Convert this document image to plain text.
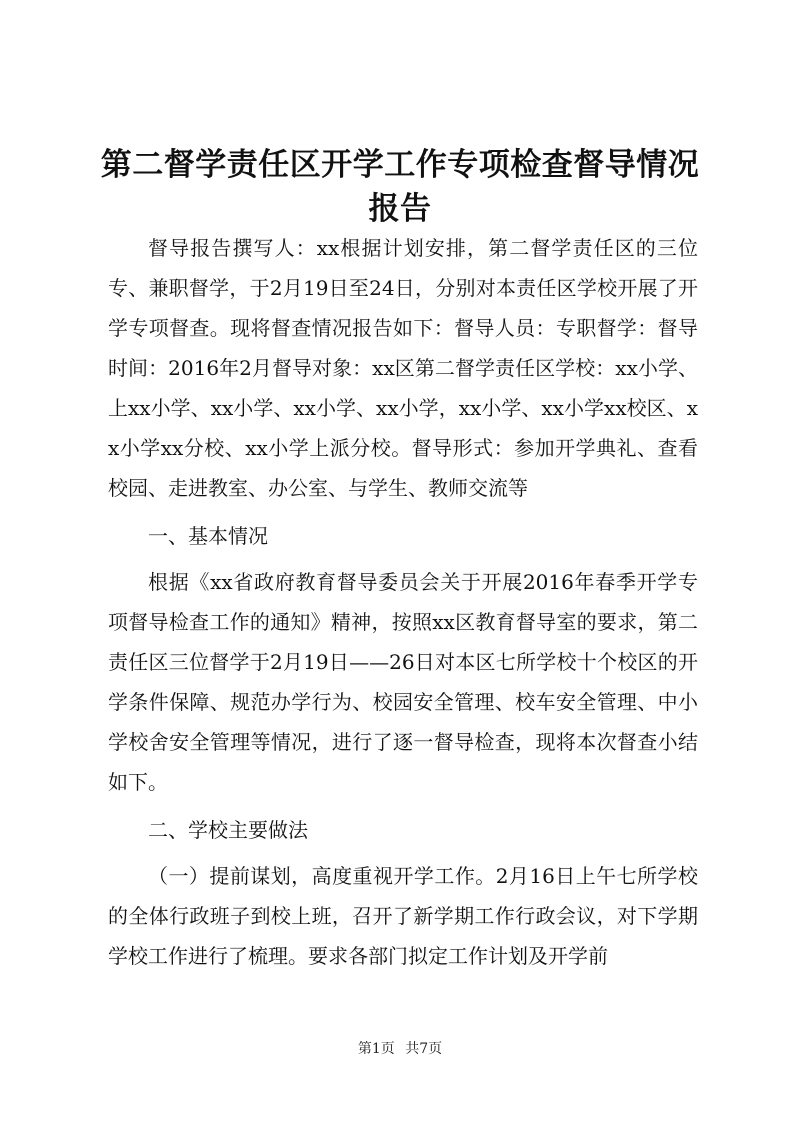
第二督学责任区开学工作专项检查督导情况报告

督导报告撰写人：xx根据计划安排，第二督学责任区的三位专、兼职督学，于2月19日至24日，分别对本责任区学校开展了开学专项督查。现将督查情况报告如下：督导人员：专职督学：督导时间：2016年2月督导对象：xx区第二督学责任区学校：xx小学、上xx小学、xx小学、xx小学、xx小学，xx小学、xx小学xx校区、xx小学xx分校、xx小学上派分校。督导形式：参加开学典礼、查看校园、走进教室、办公室、与学生、教师交流等

一、基本情况

根据《xx省政府教育督导委员会关于开展2016年春季开学专项督导检查工作的通知》精神，按照xx区教育督导室的要求，第二责任区三位督学于2月19日——26日对本区七所学校十个校区的开学条件保障、规范办学行为、校园安全管理、校车安全管理、中小学校舍安全管理等情况，进行了逐一督导检查，现将本次督查小结如下。

二、学校主要做法

（一）提前谋划，高度重视开学工作。2月16日上午七所学校的全体行政班子到校上班，召开了新学期工作行政会议，对下学期学校工作进行了梳理。要求各部门拟定工作计划及开学前

第1页 共7页
